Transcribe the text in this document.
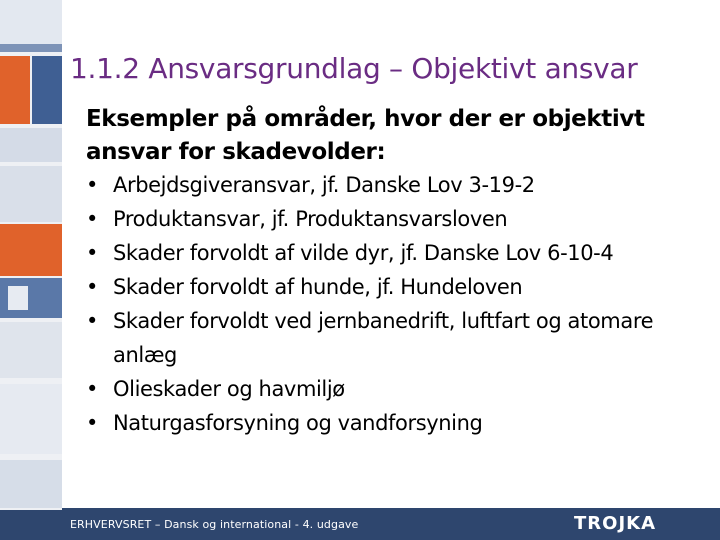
1.1.2 Ansvarsgrundlag – Objektivt ansvar
Eksempler på områder, hvor der er objektivt ansvar for skadevolder:
• Arbejdsgiveransvar, jf. Danske Lov 3-19-2
• Produktansvar, jf. Produktansvarsloven
• Skader forvoldt af vilde dyr, jf. Danske Lov 6-10-4
• Skader forvoldt af hunde, jf. Hundeloven
• Skader forvoldt ved jernbanedrift, luftfart og atomare anlæg
• Olieskader og havmiljø
• Naturgasforsyning og vandforsyning
ERHVERVSRET – Dansk og international - 4. udgave	TROJKA
